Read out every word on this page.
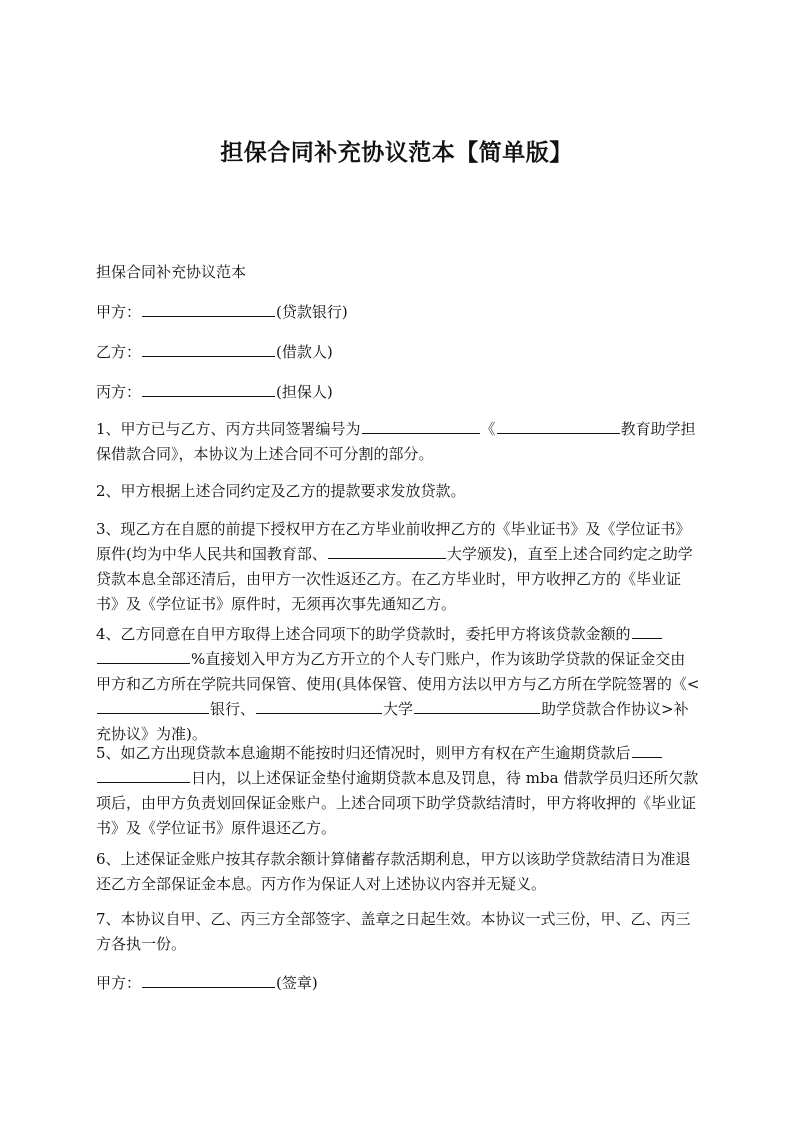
担保合同补充协议范本【简单版】
担保合同补充协议范本
甲方：	(贷款银行)
乙方：	(借款人)
丙方：	(担保人)
1、甲方已与乙方、丙方共同签署编号为	《	教育助学担保借款合同》，本协议为上述合同不可分割的部分。
2、甲方根据上述合同约定及乙方的提款要求发放贷款。
3、现乙方在自愿的前提下授权甲方在乙方毕业前收押乙方的《毕业证书》及《学位证书》原件(均为中华人民共和国教育部、	大学颁发)，直至上述合同约定之助学贷款本息全部还清后，由甲方一次性返还乙方。在乙方毕业时，甲方收押乙方的《毕业证书》及《学位证书》原件时，无须再次事先通知乙方。
4、乙方同意在自甲方取得上述合同项下的助学贷款时，委托甲方将该贷款金额的%直接划入甲方为乙方开立的个人专门账户，作为该助学贷款的保证金交由甲方和乙方所在学院共同保管、使用(具体保管、使用方法以甲方与乙方所在学院签署的《<银行、	大学	助学贷款合作协议>补充协议》为准)。
5、如乙方出现贷款本息逾期不能按时归还情况时，则甲方有权在产生逾期贷款后日内，以上述保证金垫付逾期贷款本息及罚息，待 mba 借款学员归还所欠款项后，由甲方负责划回保证金账户。上述合同项下助学贷款结清时，甲方将收押的《毕业证书》及《学位证书》原件退还乙方。
6、上述保证金账户按其存款余额计算储蓄存款活期利息，甲方以该助学贷款结清日为准退还乙方全部保证金本息。丙方作为保证人对上述协议内容并无疑义。
7、本协议自甲、乙、丙三方全部签字、盖章之日起生效。本协议一式三份，甲、乙、丙三方各执一份。
甲方：	(签章)
